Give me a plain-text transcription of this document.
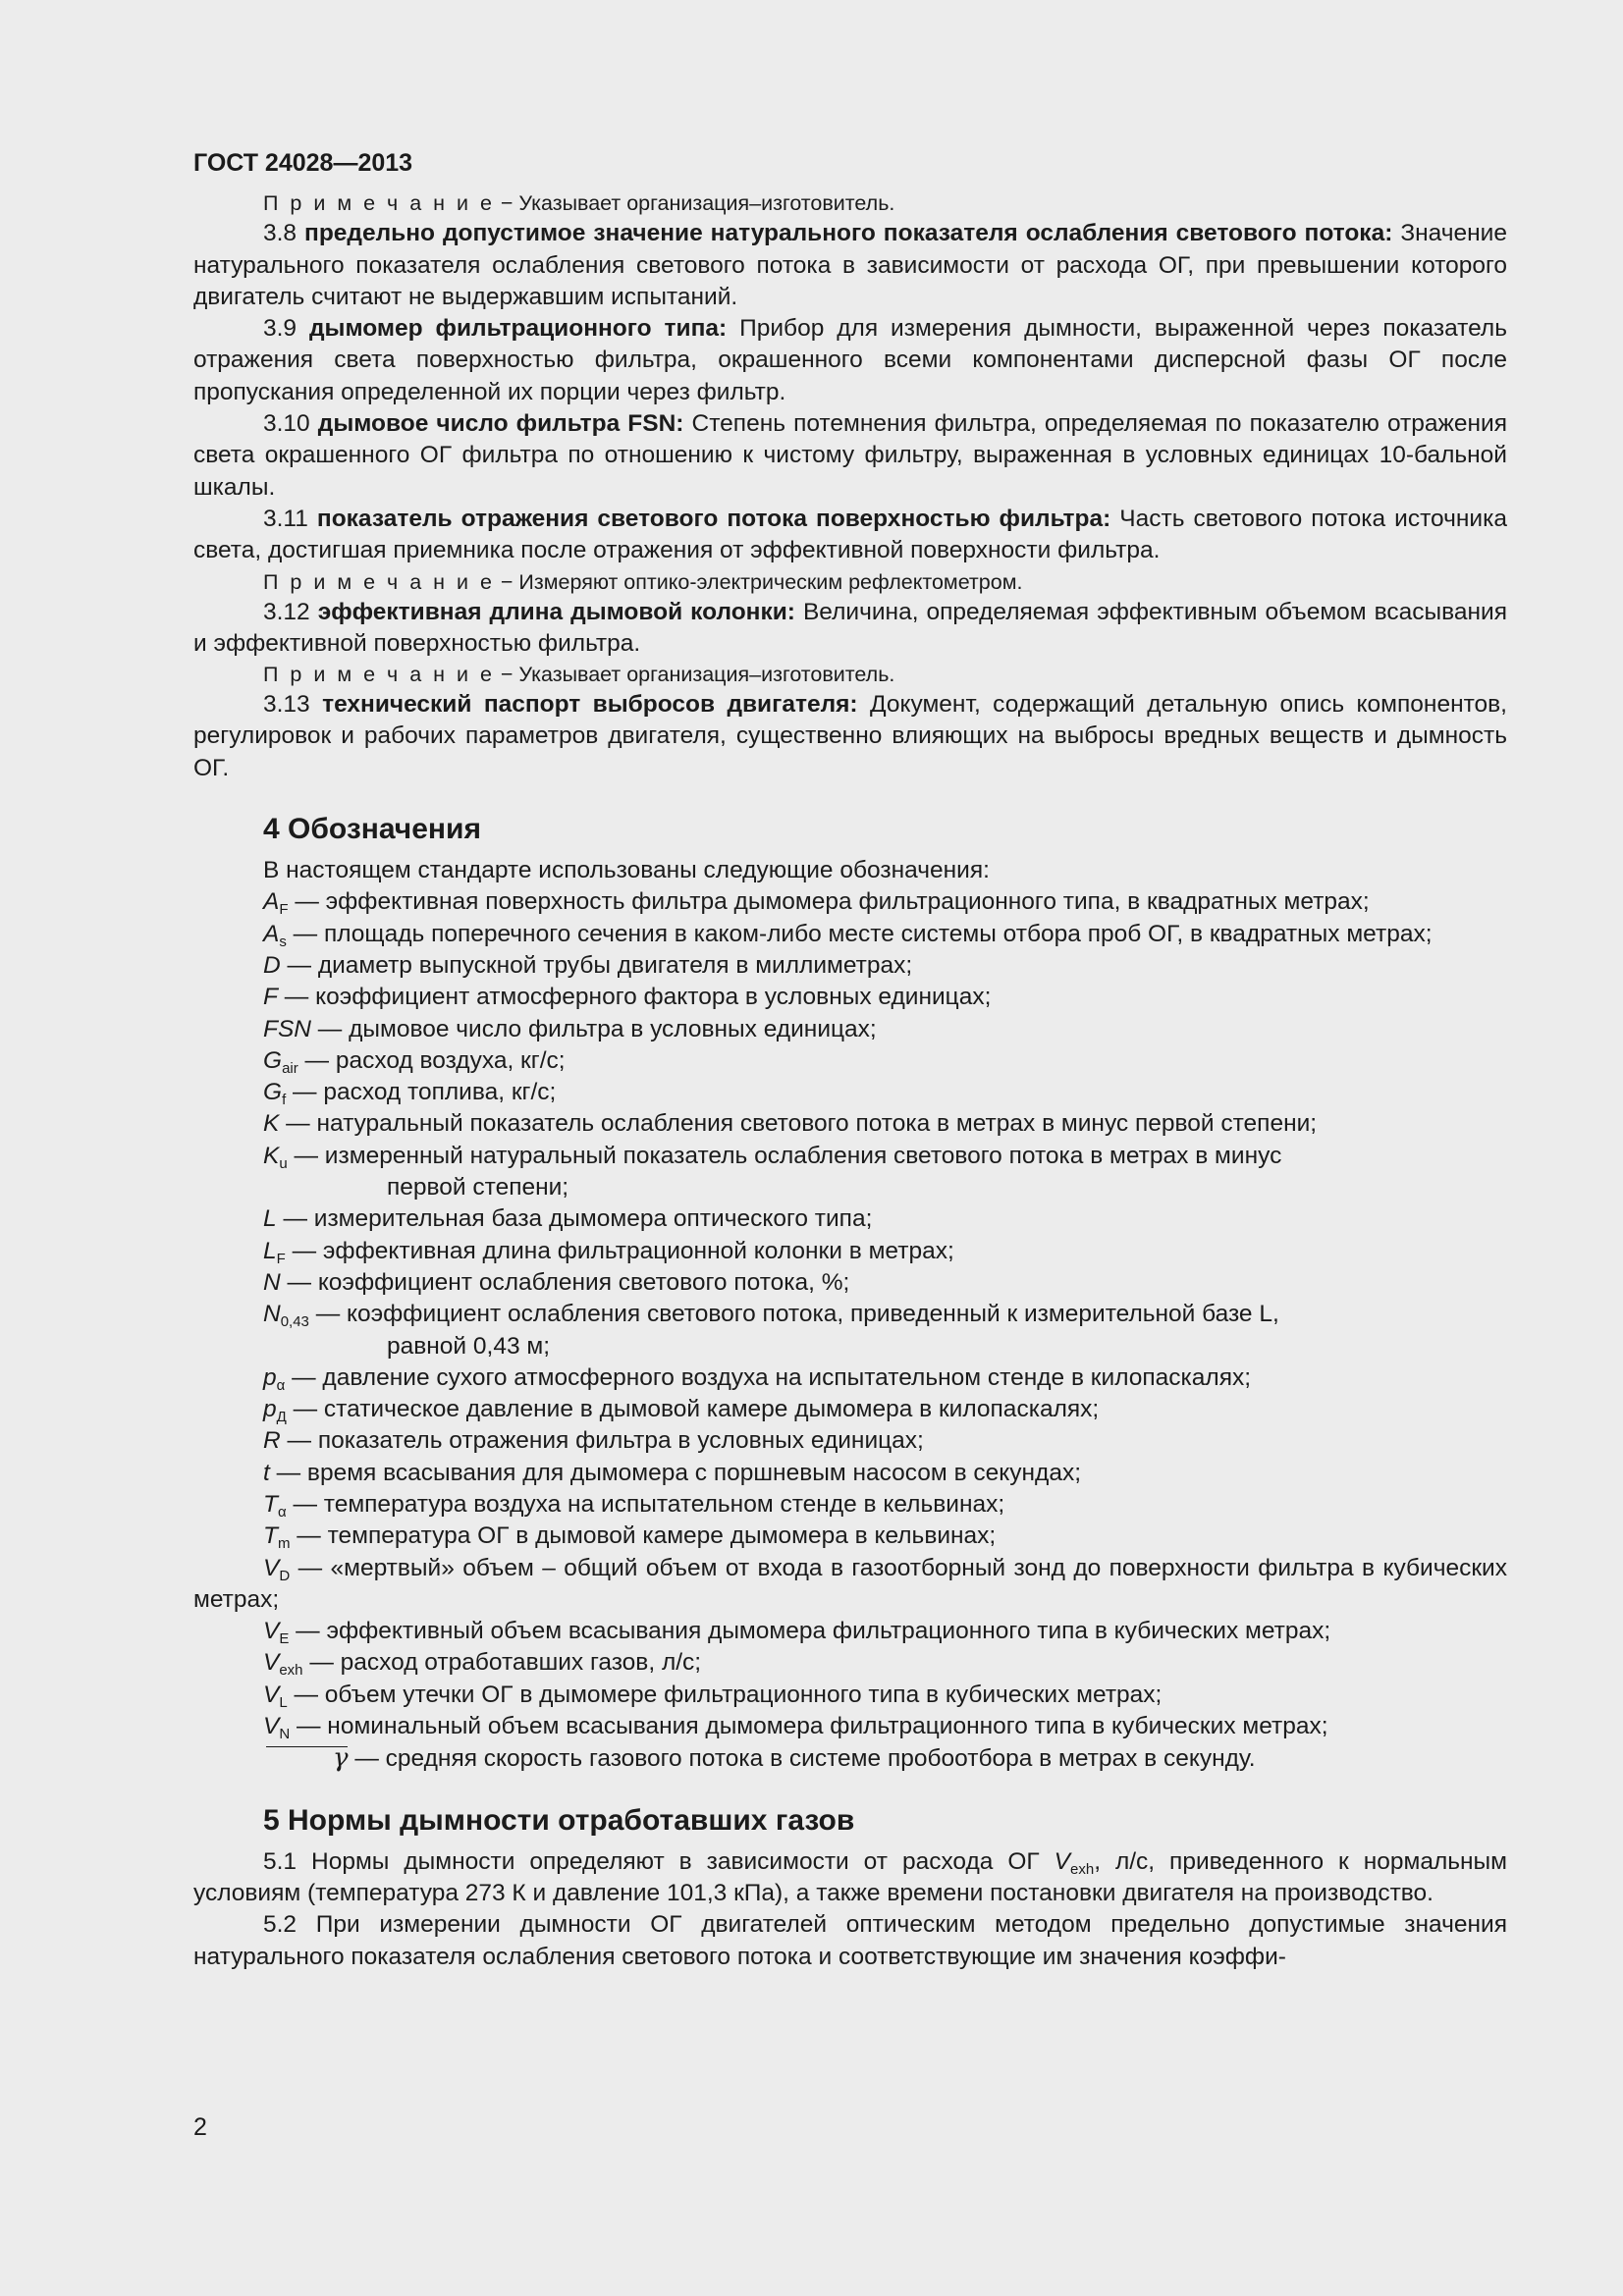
ГОСТ 24028—2013

П р и м е ч а н и е − Указывает организация–изготовитель.

3.8 предельно допустимое значение натурального показателя ослабления светового потока: Значение натурального показателя ослабления светового потока в зависимости от расхода ОГ, при превышении которого двигатель считают не выдержавшим испытаний.

3.9 дымомер фильтрационного типа: Прибор для измерения дымности, выраженной через показатель отражения света поверхностью фильтра, окрашенного всеми компонентами дисперсной фазы ОГ после пропускания определенной их порции через фильтр.

3.10 дымовое число фильтра FSN: Степень потемнения фильтра, определяемая по показателю отражения света окрашенного ОГ фильтра по отношению к чистому фильтру, выраженная в условных единицах 10-бальной шкалы.

3.11 показатель отражения светового потока поверхностью фильтра: Часть светового потока источника света, достигшая приемника после отражения от эффективной поверхности фильтра.

П р и м е ч а н и е − Измеряют оптико-электрическим рефлектометром.

3.12 эффективная длина дымовой колонки: Величина, определяемая эффективным объемом всасывания и эффективной поверхностью фильтра.

П р и м е ч а н и е − Указывает организация–изготовитель.

3.13 технический паспорт выбросов двигателя: Документ, содержащий детальную опись компонентов, регулировок и рабочих параметров двигателя, существенно влияющих на выбросы вредных веществ и дымность ОГ.

4 Обозначения

В настоящем стандарте использованы следующие обозначения:

$A_F$ — эффективная поверхность фильтра дымомера фильтрационного типа, в квадратных метрах;

$A_s$ — площадь поперечного сечения в каком-либо месте системы отбора проб ОГ, в квадратных метрах;

D — диаметр выпускной трубы двигателя в миллиметрах;

F — коэффициент атмосферного фактора в условных единицах;

FSN — дымовое число фильтра в условных единицах;

$G_{air}$ — расход воздуха, кг/с;

$G_f$ — расход топлива, кг/с;

K — натуральный показатель ослабления светового потока в метрах в минус первой степени;

$K_u$ — измеренный натуральный показатель ослабления светового потока в метрах в минус
первой степени;

L — измерительная база дымомера оптического типа;

$L_F$ — эффективная длина фильтрационной колонки в метрах;

N — коэффициент ослабления светового потока, %;

$N_{0,43}$ — коэффициент ослабления светового потока, приведенный к измерительной базе L,
равной 0,43 м;

$p_\alpha$ — давление сухого атмосферного воздуха на испытательном стенде в килопаскалях;

$p_Д$ — статическое давление в дымовой камере дымомера в килопаскалях;

R — показатель отражения фильтра в условных единицах;

t — время всасывания для дымомера с поршневым насосом в секундах;

$T_\alpha$ — температура воздуха на испытательном стенде в кельвинах;

$T_m$ — температура ОГ в дымовой камере дымомера в кельвинах;

$V_D$ — «мертвый» объем – общий объем от входа в газоотборный зонд до поверхности фильтра в кубических метрах;

$V_E$ — эффективный объем всасывания дымомера фильтрационного типа в кубических метрах;

$V_{exh}$ — расход отработавших газов, л/с;

$V_L$ — объем утечки ОГ в дымомере фильтрационного типа в кубических метрах;

$V_N$ — номинальный объем всасывания дымомера фильтрационного типа в кубических метрах;

γ — средняя скорость газового потока в системе пробоотбора в метрах в секунду.

5 Нормы дымности отработавших газов

5.1 Нормы дымности определяют в зависимости от расхода ОГ $V_{exh}$, л/с, приведенного к нормальным условиям (температура 273 К и давление 101,3 кПа), а также времени постановки двигателя на производство.

5.2 При измерении дымности ОГ двигателей оптическим методом предельно допустимые значения натурального показателя ослабления светового потока и соответствующие им значения коэффи-

2
